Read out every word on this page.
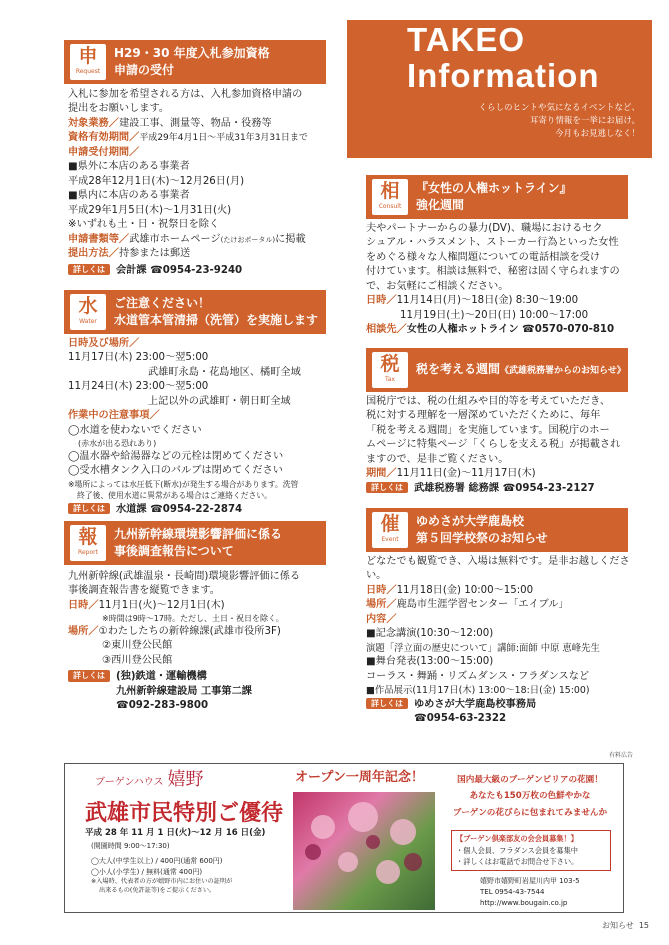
TAKEO
Information
くらしのヒントや気になるイベントなど、
耳寄り情報を一挙にお届け。
今月もお見逃しなく！
申
Request
H29・30 年度入札参加資格
申請の受付

入札に参加を希望される方は、入札参加資格申請の

提出をお願いします。

対象業務／建設工事、測量等、物品・役務等

資格有効期間／平成29年4月1日〜平成31年3月31日まで

申請受付期間／

■県外に本店のある事業者

平成28年12月1日(木)〜12月26日(月)

■県内に本店のある事業者

平成29年1月5日(木)〜1月31日(火)

※いずれも土・日・祝祭日を除く

申請書類等／武雄市ホームページ(たけおポータル)に掲載

提出方法／持参または郵送

詳しくは 会計課 ☎0954-23-9240

水
Water
ご注意ください！
水道管本管清掃（洗管）を実施します

日時及び場所／

11月17日(木) 23:00〜翌5:00

武雄町永島・花島地区、橘町全域

11月24日(木) 23:00〜翌5:00

上記以外の武雄町・朝日町全域

作業中の注意事項／

◯水道を使わないでください

(赤水が出る恐れあり)

◯温水器や給湯器などの元栓は閉めてください

◯受水槽タンク入口のバルブは閉めてください

※場所によっては水圧低下(断水)が発生する場合があります。洗管

終了後、使用水道に異常がある場合はご連絡ください。

詳しくは 水道課 ☎0954-22-2874

報
Report
九州新幹線環境影響評価に係る
事後調査報告について

九州新幹線(武雄温泉・長崎間)環境影響評価に係る

事後調査報告書を縦覧できます。

日時／11月1日(火)〜12月1日(木)

※時間は9時〜17時。ただし、土日・祝日を除く。

場所／①わたしたちの新幹線課(武雄市役所3F)

②東川登公民館

③西川登公民館

詳しくは (独)鉄道・運輸機構

九州新幹線建設局 工事第二課

☎092-283-9800

相
Consult
『女性の人権ホットライン』
強化週間

夫やパートナーからの暴力(DV)、職場におけるセク

シュアル・ハラスメント、ストーカー行為といった女性

をめぐる様々な人権問題についての電話相談を受け

付けています。相談は無料で、秘密は固く守られますの

で、お気軽にご相談ください。

日時／11月14日(月)〜18日(金) 8:30〜19:00

11月19日(土)〜20日(日) 10:00〜17:00

相談先／女性の人権ホットライン ☎0570-070-810

税
Tax
税を考える週間《武雄税務署からのお知らせ》

国税庁では、税の仕組みや目的等を考えていただき、

税に対する理解を一層深めていただくために、毎年

「税を考える週間」を実施しています。国税庁のホー

ムページに特集ページ「くらしを支える税」が掲載され

ますので、是非ご覧ください。

期間／11月11日(金)〜11月17日(木)

詳しくは 武雄税務署 総務課 ☎0954-23-2127

催
Event
ゆめさが大学鹿島校
第５回学校祭のお知らせ

どなたでも観覧でき、入場は無料です。是非お越しくださ

い。

日時／11月18日(金) 10:00〜15:00

場所／鹿島市生涯学習センター「エイブル」

内容／

■記念講演(10:30〜12:00)

演題「浮立面の歴史について」講師:面師 中原 恵峰先生

■舞台発表(13:00〜15:00)

コーラス・舞踊・リズムダンス・フラダンスなど

■作品展示(11月17日(木) 13:00〜18:日(金) 15:00)

詳しくは ゆめさが大学鹿島校事務局

☎0954-63-2322

有料広告
ブーゲンハウス 嬉野
武雄市民特別ご優待
平成 28 年 11 月 1 日(火)〜12 月 16 日(金)
(開園時間 9:00〜17:30)
◯大人(中学生以上) / 400円(通常 600円)
◯小人(小学生) / 無料(通常 400円)
※入場時、代表者の方が嬉野市内にお住いの証明が
出来るもの(免許証等)をご提示ください。
オープン一周年記念！	国内最大級のブーゲンビリアの花園！
あなたも150万枚の色鮮やかな
ブーゲンの花びらに包まれてみませんか
【ブーゲン倶楽部友の会会員募集！】
・個人会員、フラダンス会員を募集中
・詳しくはお電話でお問合せ下さい。
嬉野市嬉野町岩屋川内甲 103-5
TEL 0954-43-7544
http://www.bougain.co.jp
お知らせ 15
